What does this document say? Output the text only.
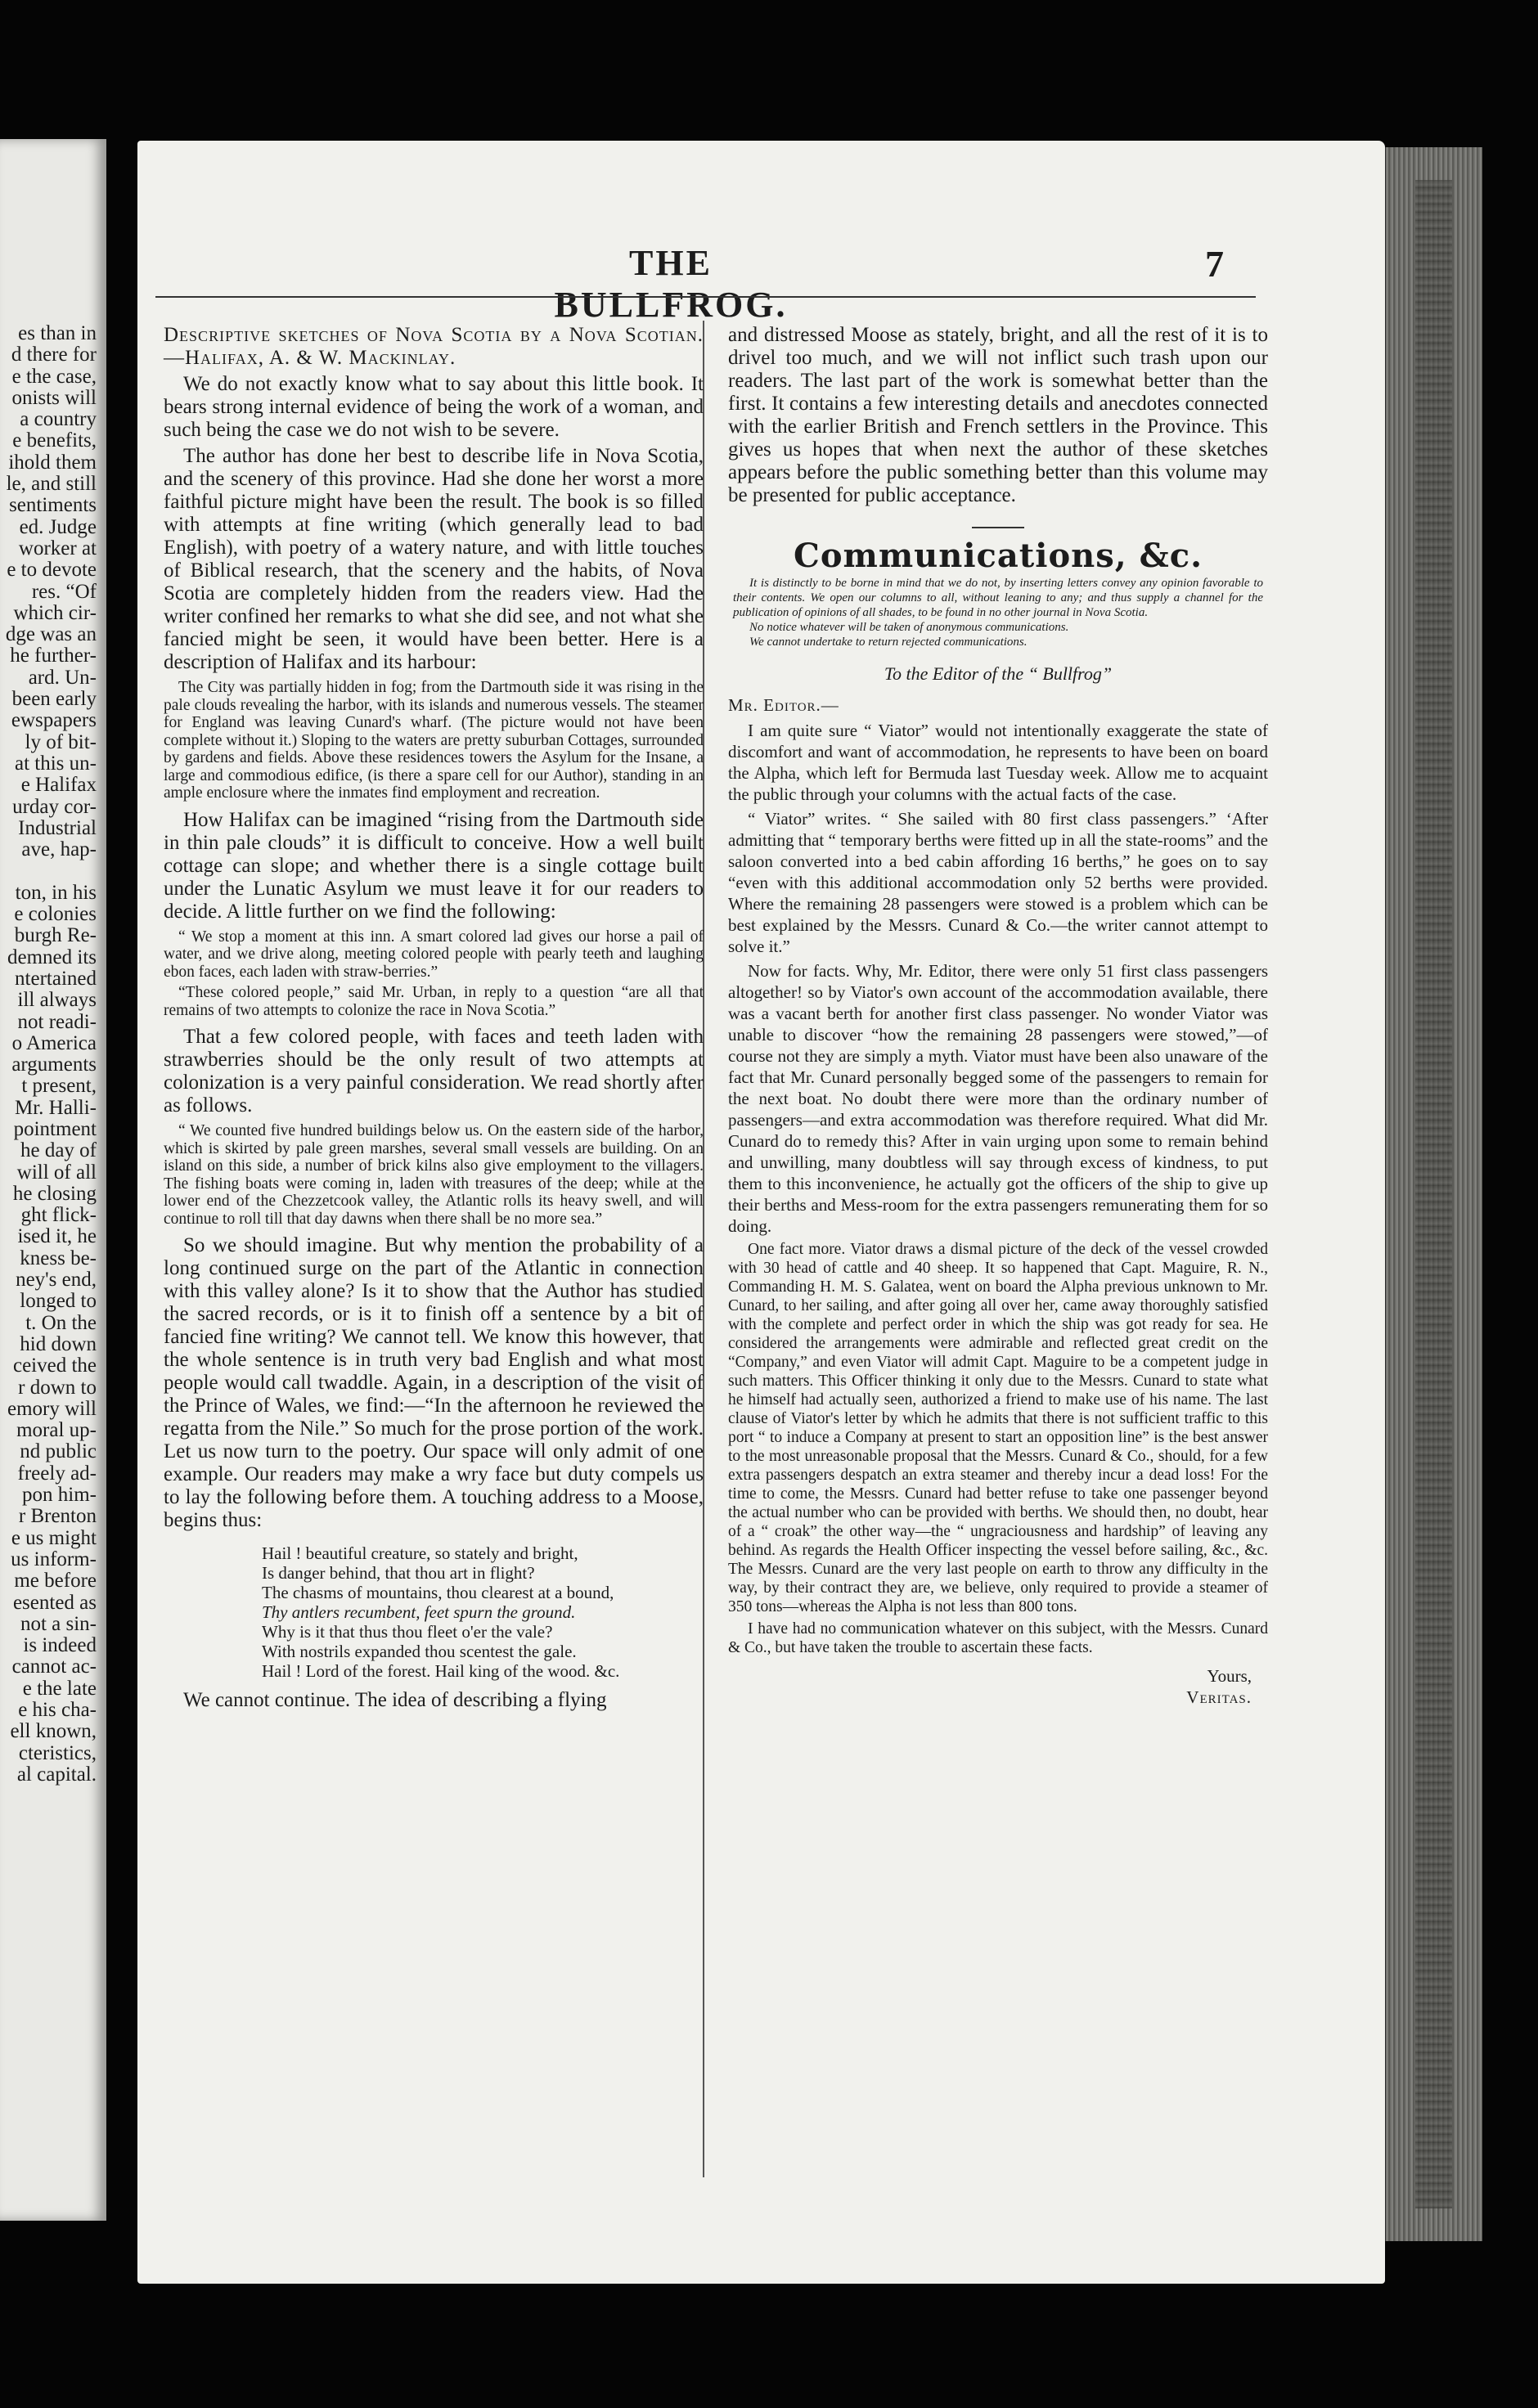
es than in
d there for
e the case,
onists will
a country
e benefits,
ihold them
le, and still
sentiments
ed. Judge
worker at
e to devote
res. “Of
which cir-
dge was an
he further-
ard. Un-
been early
ewspapers
ly of bit-
at this un-
e Halifax
urday cor-
Industrial
ave, hap-

ton, in his
e colonies
burgh Re-
demned its
ntertained
ill always
not readi-
o America
arguments
t present,
Mr. Halli-
pointment
he day of
will of all
he closing
ght flick-
ised it, he
kness be-
ney's end,
longed to
t. On the
hid down
ceived the
r down to
emory will
moral up-
nd public
freely ad-
pon him-
r Brenton
e us might
us inform-
me before
esented as
not a sin-
is indeed
cannot ac-
e the late
e his cha-
ell known,
cteristics,
al capital.
THE BULLFROG.
7

Descriptive sketches of Nova Scotia by a Nova Scotian.—Halifax, A. & W. Mackinlay.

We do not exactly know what to say about this little book. It bears strong internal evidence of being the work of a woman, and such being the case we do not wish to be severe.

The author has done her best to describe life in Nova Scotia, and the scenery of this province. Had she done her worst a more faithful picture might have been the result. The book is so filled with attempts at fine writing (which generally lead to bad English), with poetry of a watery nature, and with little touches of Biblical research, that the scenery and the habits, of Nova Scotia are completely hidden from the readers view. Had the writer confined her remarks to what she did see, and not what she fancied might be seen, it would have been better. Here is a description of Halifax and its harbour:

The City was partially hidden in fog; from the Dartmouth side it was rising in the pale clouds revealing the harbor, with its islands and numerous vessels. The steamer for England was leaving Cunard's wharf. (The picture would not have been complete without it.) Sloping to the waters are pretty suburban Cottages, surrounded by gardens and fields. Above these residences towers the Asylum for the Insane, a large and commodious edifice, (is there a spare cell for our Author), standing in an ample enclosure where the inmates find employment and recreation.

How Halifax can be imagined “rising from the Dartmouth side in thin pale clouds” it is difficult to conceive. How a well built cottage can slope; and whether there is a single cottage built under the Lunatic Asylum we must leave it for our readers to decide. A little further on we find the following:

“ We stop a moment at this inn. A smart colored lad gives our horse a pail of water, and we drive along, meeting colored people with pearly teeth and laughing ebon faces, each laden with straw-berries.”

“These colored people,” said Mr. Urban, in reply to a question “are all that remains of two attempts to colonize the race in Nova Scotia.”

That a few colored people, with faces and teeth laden with strawberries should be the only result of two attempts at colonization is a very painful consideration. We read shortly after as follows.

“ We counted five hundred buildings below us. On the eastern side of the harbor, which is skirted by pale green marshes, several small vessels are building. On an island on this side, a number of brick kilns also give employment to the villagers. The fishing boats were coming in, laden with treasures of the deep; while at the lower end of the Chezzetcook valley, the Atlantic rolls its heavy swell, and will continue to roll till that day dawns when there shall be no more sea.”

So we should imagine. But why mention the probability of a long continued surge on the part of the Atlantic in connection with this valley alone? Is it to show that the Author has studied the sacred records, or is it to finish off a sentence by a bit of fancied fine writing? We cannot tell. We know this however, that the whole sentence is in truth very bad English and what most people would call twaddle. Again, in a description of the visit of the Prince of Wales, we find:—“In the afternoon he reviewed the regatta from the Nile.” So much for the prose portion of the work. Let us now turn to the poetry. Our space will only admit of one example. Our readers may make a wry face but duty compels us to lay the following before them. A touching address to a Moose, begins thus:

Hail ! beautiful creature, so stately and bright,
Is danger behind, that thou art in flight?
The chasms of mountains, thou clearest at a bound,
Thy antlers recumbent, feet spurn the ground.
Why is it that thus thou fleet o'er the vale?
With nostrils expanded thou scentest the gale.
Hail ! Lord of the forest. Hail king of the wood. &c.

We cannot continue. The idea of describing a flying

and distressed Moose as stately, bright, and all the rest of it is to drivel too much, and we will not inflict such trash upon our readers. The last part of the work is somewhat better than the first. It contains a few interesting details and anecdotes connected with the earlier British and French settlers in the Province. This gives us hopes that when next the author of these sketches appears before the public something better than this volume may be presented for public acceptance.

Communications, &c.

It is distinctly to be borne in mind that we do not, by inserting letters convey any opinion favorable to their contents. We open our columns to all, without leaning to any; and thus supply a channel for the publication of opinions of all shades, to be found in no other journal in Nova Scotia.

No notice whatever will be taken of anonymous communications.

We cannot undertake to return rejected communications.

To the Editor of the “ Bullfrog”
Mr. Editor.—

I am quite sure “ Viator” would not intentionally exaggerate the state of discomfort and want of accommodation, he represents to have been on board the Alpha, which left for Bermuda last Tuesday week. Allow me to acquaint the public through your columns with the actual facts of the case.

“ Viator” writes. “ She sailed with 80 first class passengers.” ‘After admitting that “ temporary berths were fitted up in all the state-rooms” and the saloon converted into a bed cabin affording 16 berths,” he goes on to say “even with this additional accommodation only 52 berths were provided. Where the remaining 28 passengers were stowed is a problem which can be best explained by the Messrs. Cunard & Co.—the writer cannot attempt to solve it.”

Now for facts. Why, Mr. Editor, there were only 51 first class passengers altogether! so by Viator's own account of the accommodation available, there was a vacant berth for another first class passenger. No wonder Viator was unable to discover “how the remaining 28 passengers were stowed,”—of course not they are simply a myth. Viator must have been also unaware of the fact that Mr. Cunard personally begged some of the passengers to remain for the next boat. No doubt there were more than the ordinary number of passengers—and extra accommodation was therefore required. What did Mr. Cunard do to remedy this? After in vain urging upon some to remain behind and unwilling, many doubtless will say through excess of kindness, to put them to this inconvenience, he actually got the officers of the ship to give up their berths and Mess-room for the extra passengers remunerating them for so doing.

One fact more. Viator draws a dismal picture of the deck of the vessel crowded with 30 head of cattle and 40 sheep. It so happened that Capt. Maguire, R. N., Commanding H. M. S. Galatea, went on board the Alpha previous unknown to Mr. Cunard, to her sailing, and after going all over her, came away thoroughly satisfied with the complete and perfect order in which the ship was got ready for sea. He considered the arrangements were admirable and reflected great credit on the “Company,” and even Viator will admit Capt. Maguire to be a competent judge in such matters. This Officer thinking it only due to the Messrs. Cunard to state what he himself had actually seen, authorized a friend to make use of his name. The last clause of Viator's letter by which he admits that there is not sufficient traffic to this port “ to induce a Company at present to start an opposition line” is the best answer to the most unreasonable proposal that the Messrs. Cunard & Co., should, for a few extra passengers despatch an extra steamer and thereby incur a dead loss! For the time to come, the Messrs. Cunard had better refuse to take one passenger beyond the actual number who can be provided with berths. We should then, no doubt, hear of a “ croak” the other way—the “ ungraciousness and hardship” of leaving any behind. As regards the Health Officer inspecting the vessel before sailing, &c., &c. The Messrs. Cunard are the very last people on earth to throw any difficulty in the way, by their contract they are, we believe, only required to provide a steamer of 350 tons—whereas the Alpha is not less than 800 tons.

I have had no communication whatever on this subject, with the Messrs. Cunard & Co., but have taken the trouble to ascertain these facts.

Yours,
Veritas.
